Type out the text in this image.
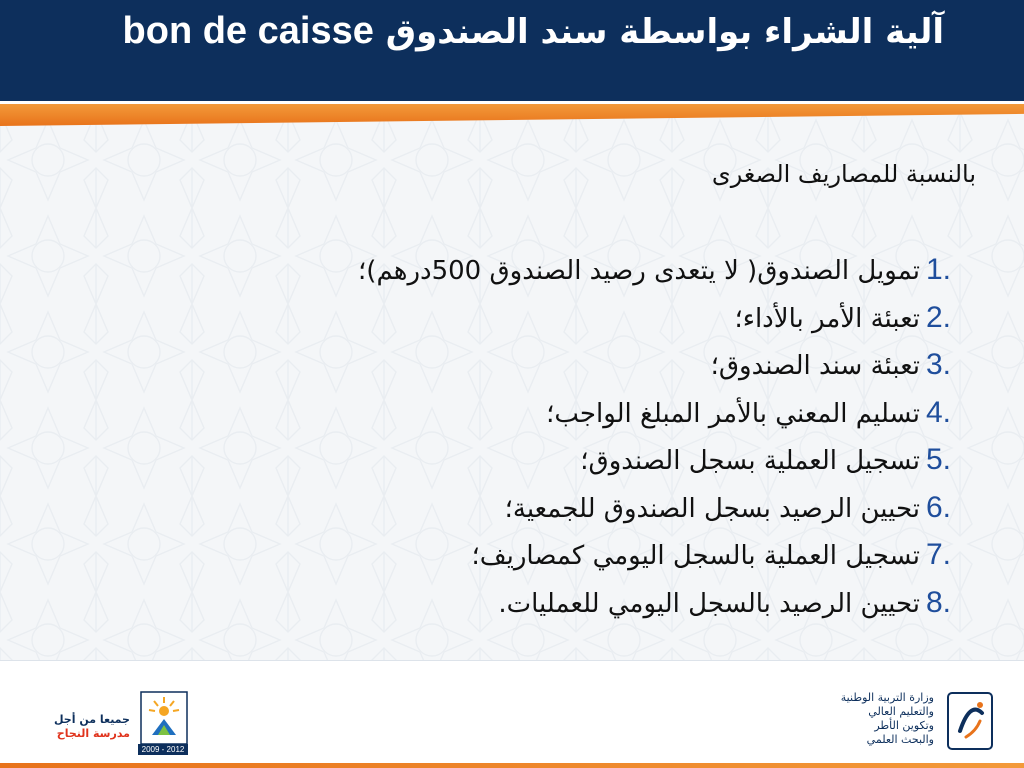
آلية الشراء بواسطة سند الصندوق bon de caisse
بالنسبة للمصاريف الصغرى
1.
تمويل الصندوق( لا يتعدى رصيد الصندوق 500درهم)؛
2.
تعبئة الأمر بالأداء؛
3.
تعبئة سند الصندوق؛
4.
تسليم المعني بالأمر المبلغ الواجب؛
5.
تسجيل العملية بسجل الصندوق؛
6.
تحيين الرصيد بسجل الصندوق للجمعية؛
7.
تسجيل العملية بالسجل اليومي كمصاريف؛
8.
تحيين الرصيد بالسجل اليومي للعمليات.
جميعا من أجل
مدرسة النجاح
2009 - 2012
وزارة التربية الوطنية
والتعليم العالي
وتكوين الأطر
والبحث العلمي
